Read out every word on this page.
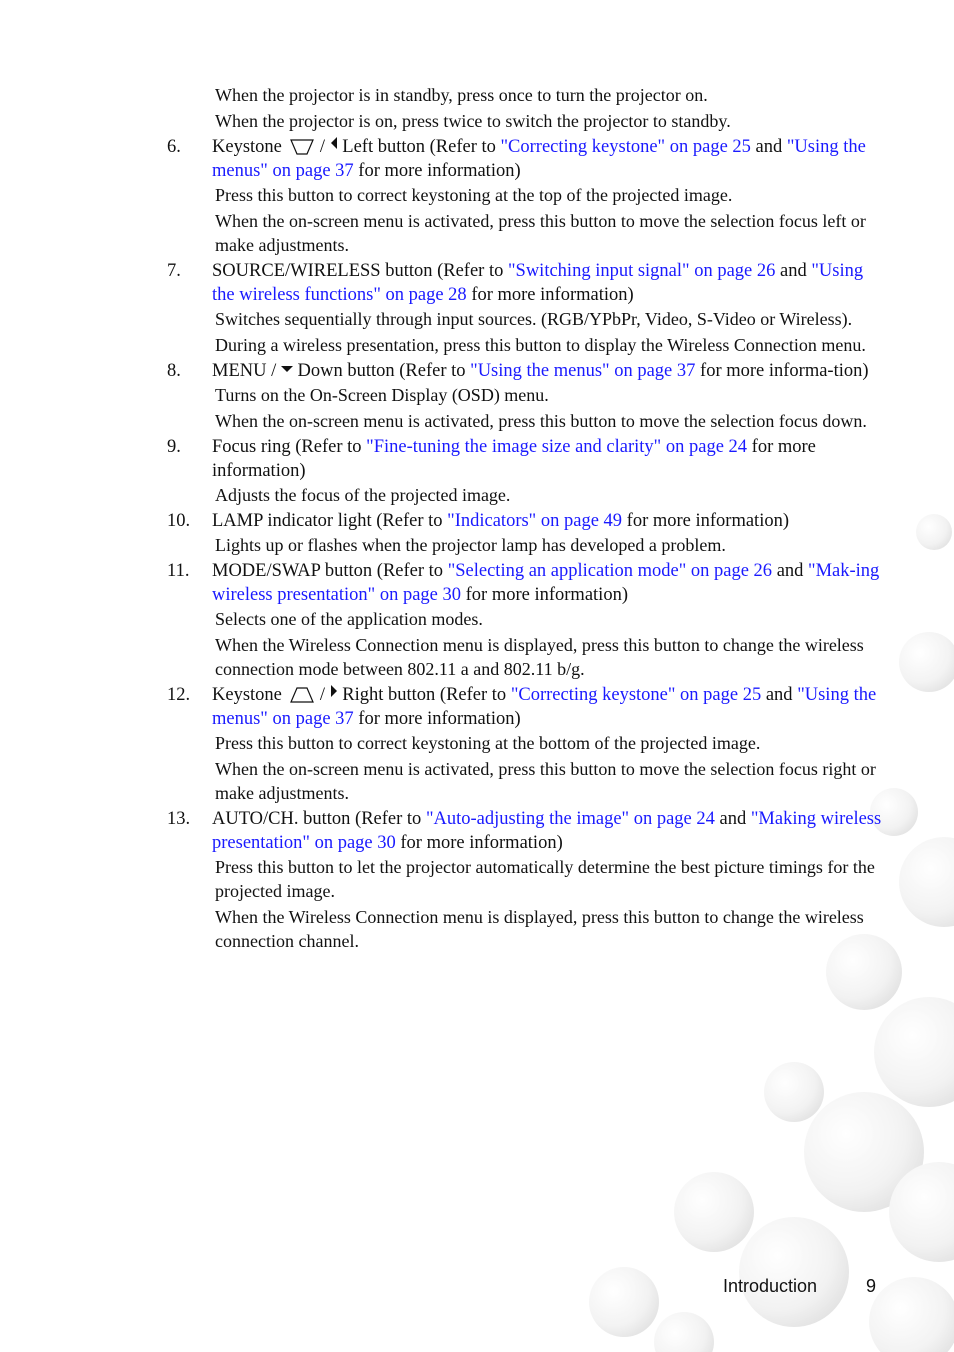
When the projector is in standby, press once to turn the projector on.

When the projector is on, press twice to switch the projector to standby.

6. Keystone / Left button (Refer to "Correcting keystone" on page 25 and "Using the menus" on page 37 for more information)

Press this button to correct keystoning at the top of the projected image.

When the on-screen menu is activated, press this button to move the selection focus left or make adjustments.

7. SOURCE/WIRELESS button (Refer to "Switching input signal" on page 26 and "Using the wireless functions" on page 28 for more information)

Switches sequentially through input sources. (RGB/YPbPr, Video, S-Video or Wireless).

During a wireless presentation, press this button to display the Wireless Connection menu.

8. MENU / Down button (Refer to "Using the menus" on page 37 for more informa-tion)

Turns on the On-Screen Display (OSD) menu.

When the on-screen menu is activated, press this button to move the selection focus down.

9. Focus ring (Refer to "Fine-tuning the image size and clarity" on page 24 for more information)

Adjusts the focus of the projected image.

10. LAMP indicator light (Refer to "Indicators" on page 49 for more information)

Lights up or flashes when the projector lamp has developed a problem.

11. MODE/SWAP button (Refer to "Selecting an application mode" on page 26 and "Mak-ing wireless presentation" on page 30 for more information)

Selects one of the application modes.

When the Wireless Connection menu is displayed, press this button to change the wireless connection mode between 802.11 a and 802.11 b/g.

12. Keystone / Right button (Refer to "Correcting keystone" on page 25 and "Using the menus" on page 37 for more information)

Press this button to correct keystoning at the bottom of the projected image.

When the on-screen menu is activated, press this button to move the selection focus right or make adjustments.

13. AUTO/CH. button (Refer to "Auto-adjusting the image" on page 24 and "Making wireless presentation" on page 30 for more information)

Press this button to let the projector automatically determine the best picture timings for the projected image.

When the Wireless Connection menu is displayed, press this button to change the wireless connection channel.

Introduction	9
